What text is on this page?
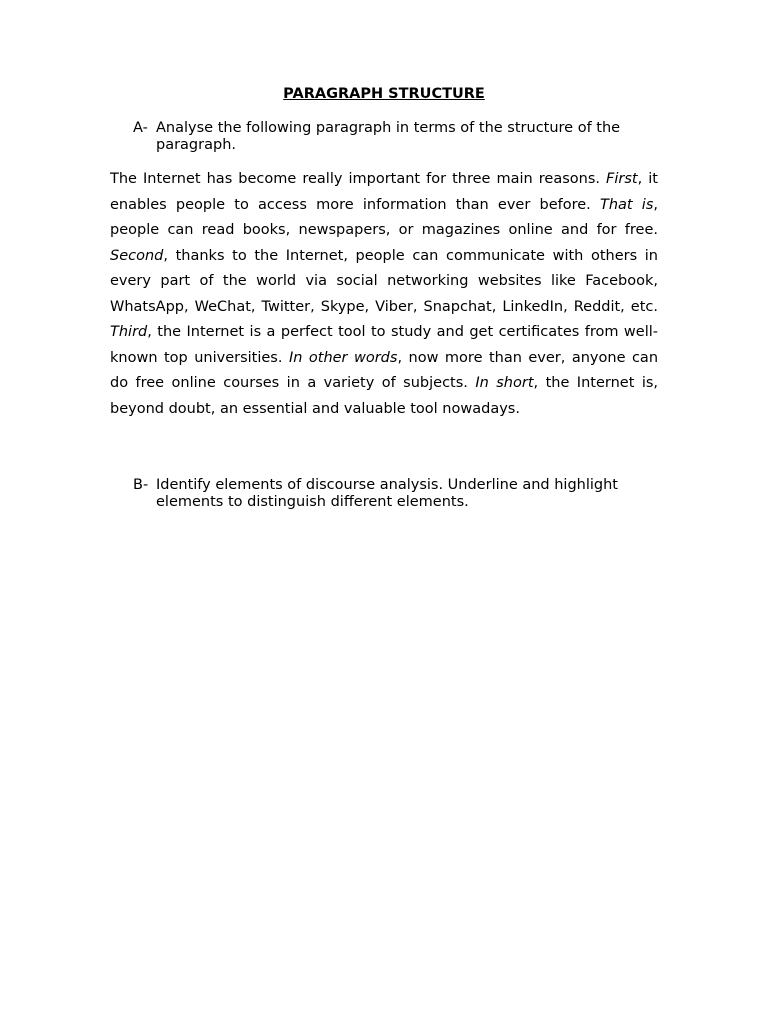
PARAGRAPH STRUCTURE
A- Analyse the following paragraph in terms of the structure of the paragraph.

The Internet has become really important for three main reasons. First, it enables people to access more information than ever before. That is, people can read books, newspapers, or magazines online and for free. Second, thanks to the Internet, people can communicate with others in every part of the world via social networking websites like Facebook, WhatsApp, WeChat, Twitter, Skype, Viber, Snapchat, LinkedIn, Reddit, etc. Third, the Internet is a perfect tool to study and get certificates from well-known top universities. In other words, now more than ever, anyone can do free online courses in a variety of subjects. In short, the Internet is, beyond doubt, an essential and valuable tool nowadays.

B- Identify elements of discourse analysis. Underline and highlight elements to distinguish different elements.
